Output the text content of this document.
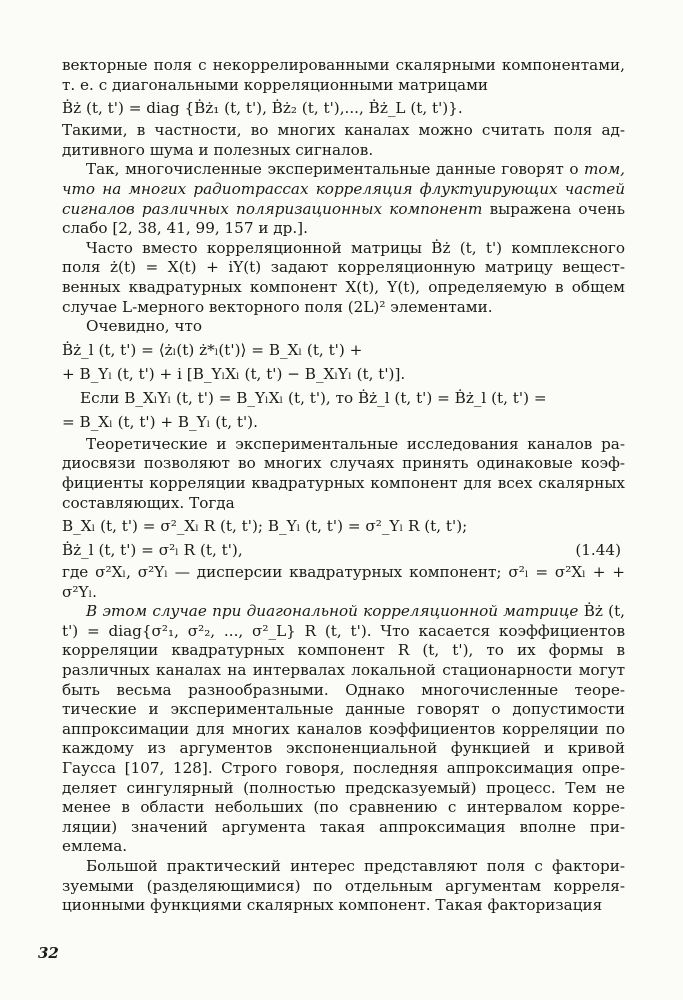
векторные поля с некоррелированными скалярными компонентами, т. е. с диагональными корреляционными матрицами

Ḃż (t, t') = diag {Ḃż₁ (t, t'), Ḃż₂ (t, t'),..., Ḃż_L (t, t')}.

Такими, в частности, во многих каналах можно считать поля аддитивного шума и полезных сигналов.

Так, многочисленные экспериментальные данные говорят о том, что на многих радиотрассах корреляция флуктуирующих частей сигналов различных поляризационных компонент выражена очень слабо [2, 38, 41, 99, 157 и др.].

Часто вместо корреляционной матрицы Ḃż (t, t') комплексного поля ż(t) = X(t) + iY(t) задают корреляционную матрицу вещественных квадратурных компонент X(t), Y(t), определяемую в общем случае L-мерного векторного поля (2L)² элементами.

Очевидно, что

Ḃż_l (t, t') = ⟨żₗ(t) ż*ₗ(t')⟩ = B_Xₗ (t, t') +
+ B_Yₗ (t, t') + i [B_YₗXₗ (t, t') − B_XₗYₗ (t, t')].
Если B_XₗYₗ (t, t') = B_YₗXₗ (t, t'), то Ḃż_l (t, t') = Ḃż_l (t, t') =
= B_Xₗ (t, t') + B_Yₗ (t, t').

Теоретические и экспериментальные исследования каналов радиосвязи позволяют во многих случаях принять одинаковые коэффициенты корреляции квадратурных компонент для всех скалярных составляющих. Тогда

B_Xₗ (t, t') = σ²_Xₗ R (t, t'); B_Yₗ (t, t') = σ²_Yₗ R (t, t');
Ḃż_l (t, t') = σ²ₗ R (t, t'),	(1.44)

где σ²Xₗ, σ²Yₗ — дисперсии квадратурных компонент; σ²ₗ = σ²Xₗ + + σ²Yₗ.

В этом случае при диагональной корреляционной матрице Ḃż (t, t') = diag{σ²₁, σ²₂, ..., σ²_L} R (t, t'). Что касается коэффициентов корреляции квадратурных компонент R (t, t'), то их формы в различных каналах на интервалах локальной стационарности могут быть весьма разнообразными. Однако многочисленные теоретические и экспериментальные данные говорят о допустимости аппроксимации для многих каналов коэффициентов корреляции по каждому из аргументов экспоненциальной функцией и кривой Гаусса [107, 128]. Строго говоря, последняя аппроксимация определяет сингулярный (полностью предсказуемый) процесс. Тем не менее в области небольших (по сравнению с интервалом корреляции) значений аргумента такая аппроксимация вполне приемлема.

Большой практический интерес представляют поля с факторизуемыми (разделяющимися) по отдельным аргументам корреляционными функциями скалярных компонент. Такая факторизация

32
